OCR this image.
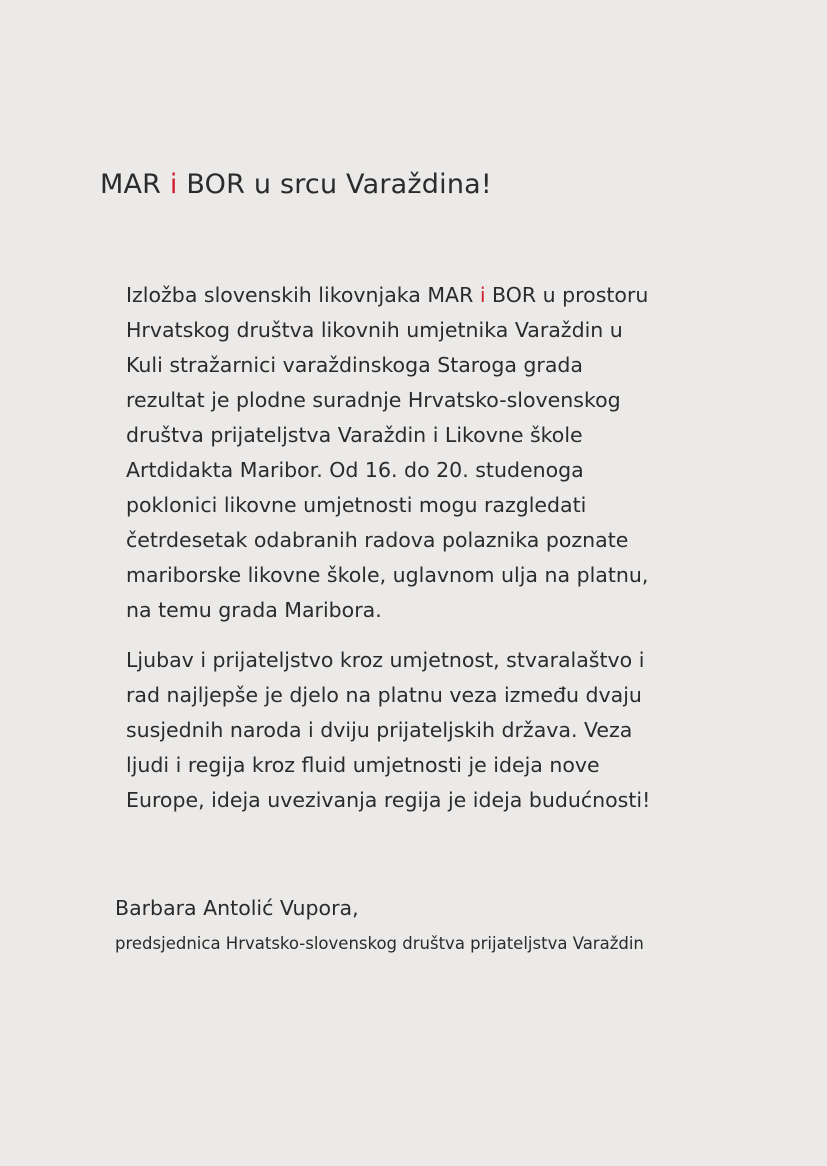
MAR i BOR u srcu Varaždina!

Izložba slovenskih likovnjaka MAR i BOR u prostoru
Hrvatskog društva likovnih umjetnika Varaždin u
Kuli stražarnici varaždinskoga Staroga grada
rezultat je plodne suradnje Hrvatsko-slovenskog
društva prijateljstva Varaždin i Likovne škole
Artdidakta Maribor. Od 16. do 20. studenoga
poklonici likovne umjetnosti mogu razgledati
četrdesetak odabranih radova polaznika poznate
mariborske likovne škole, uglavnom ulja na platnu,
na temu grada Maribora.

Ljubav i prijateljstvo kroz umjetnost, stvaralaštvo i
rad najljepše je djelo na platnu veza između dvaju
susjednih naroda i dviju prijateljskih država. Veza
ljudi i regija kroz fluid umjetnosti je ideja nove
Europe, ideja uvezivanja regija je ideja budućnosti!

Barbara Antolić Vupora,
predsjednica Hrvatsko-slovenskog društva prijateljstva Varaždin
